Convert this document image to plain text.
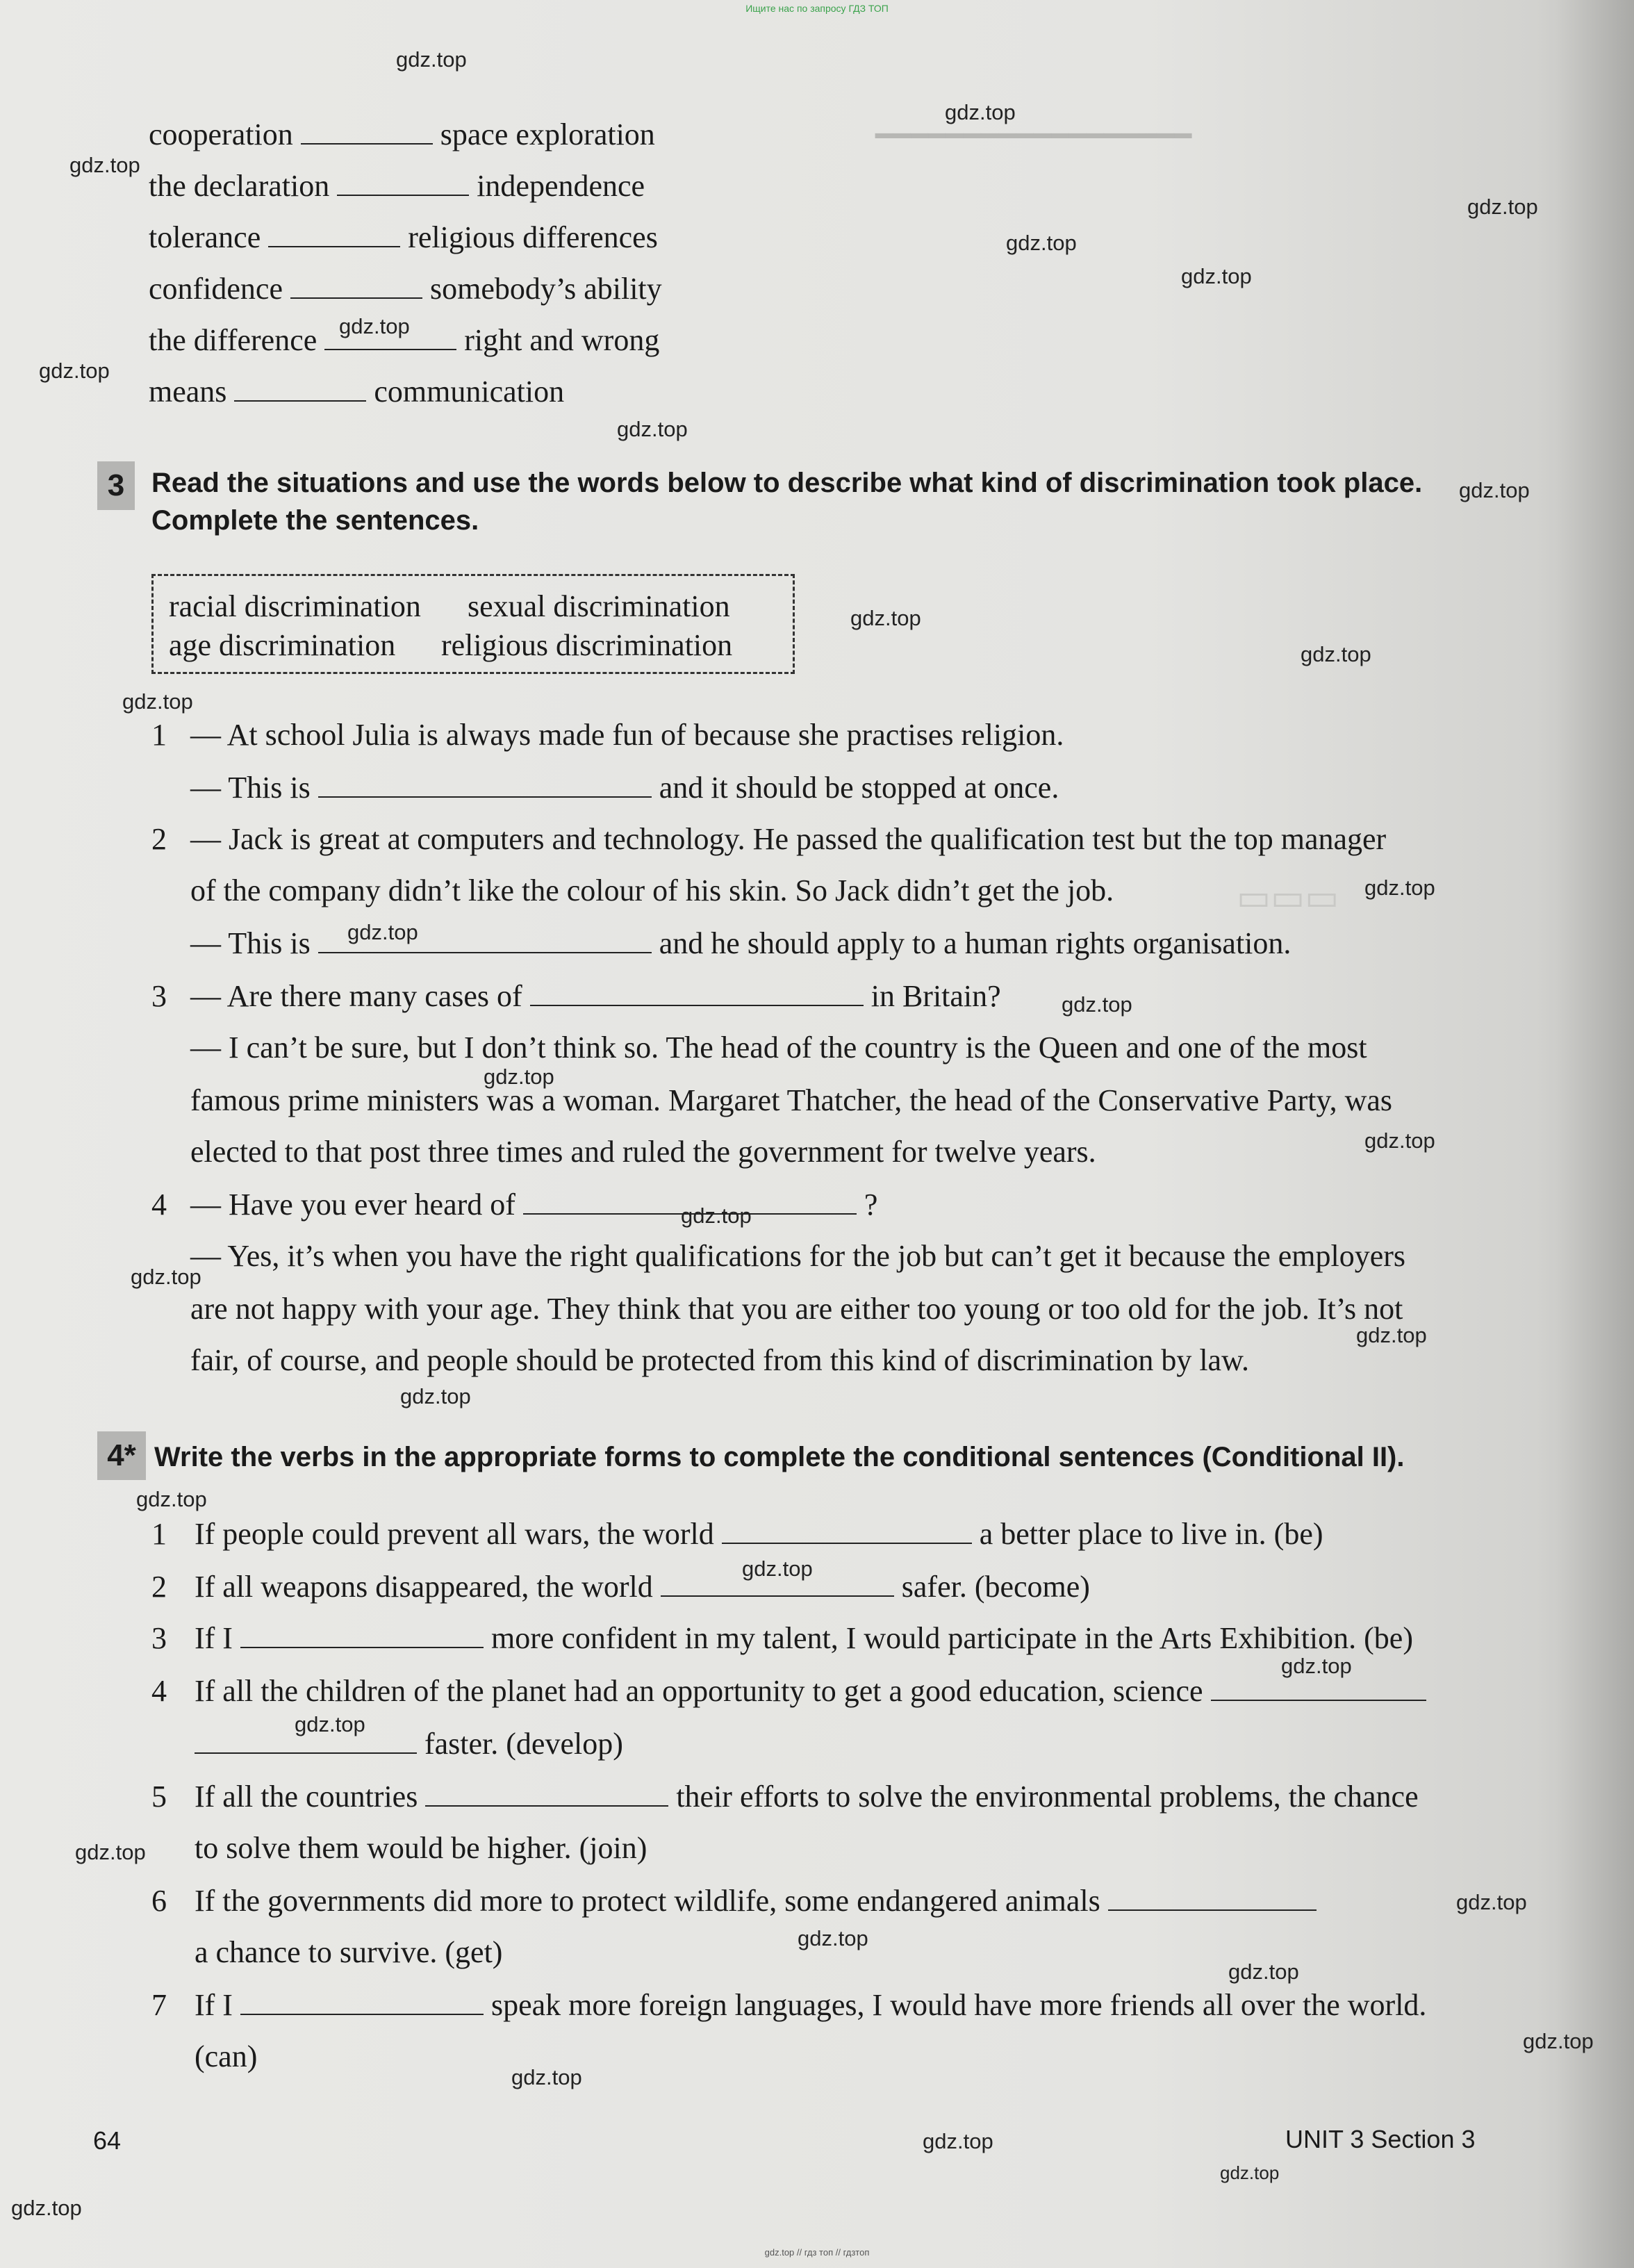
━━━━━━━━━━━━━━━━━━
▭▭▭
Ищите нас по запросу ГДЗ ТОП
gdz.top // гдз топ // гдзтоп
gdz.top
gdz.top
gdz.top
gdz.top
gdz.top
gdz.top
gdz.top
gdz.top
gdz.top
gdz.top
gdz.top
gdz.top
gdz.top
gdz.top
gdz.top
gdz.top
gdz.top
gdz.top
gdz.top
gdz.top
gdz.top
gdz.top
gdz.top
gdz.top
gdz.top
gdz.top
gdz.top
gdz.top
gdz.top
gdz.top
gdz.top
gdz.top
gdz.top
gdz.top
gdz.top
cooperation	space exploration
the declaration	independence
tolerance	religious differences
confidence	somebody’s ability
the difference	right and wrong
means	communication
3 Read the situations and use the words below to describe what kind of discrimination took place.
Complete the sentences.
racial discrimination sexual discrimination
age discrimination religious discrimination
1 — At school Julia is always made fun of because she practises religion.
— This is	and it should be stopped at once.
2 — Jack is great at computers and technology. He passed the qualification test but the top manager
of the company didn’t like the colour of his skin. So Jack didn’t get the job.
— This is	and he should apply to a human rights organisation.
3 — Are there many cases of	in Britain?
— I can’t be sure, but I don’t think so. The head of the country is the Queen and one of the most
famous prime ministers was a woman. Margaret Thatcher, the head of the Conservative Party, was
elected to that post three times and ruled the government for twelve years.
4 — Have you ever heard of	?
— Yes, it’s when you have the right qualifications for the job but can’t get it because the employers
are not happy with your age. They think that you are either too young or too old for the job. It’s not
fair, of course, and people should be protected from this kind of discrimination by law.
4* Write the verbs in the appropriate forms to complete the conditional sentences (Conditional II).
1 If people could prevent all wars, the world	a better place to live in. (be)
2 If all weapons disappeared, the world	safer. (become)
3 If I	more confident in my talent, I would participate in the Arts Exhibition. (be)
4 If all the children of the planet had an opportunity to get a good education, science
faster. (develop)
5 If all the countries	their efforts to solve the environmental problems, the chance
to solve them would be higher. (join)
6 If the governments did more to protect wildlife, some endangered animals
a chance to survive. (get)
7 If I	speak more foreign languages, I would have more friends all over the world.
(can)
64	UNIT 3 Section 3
